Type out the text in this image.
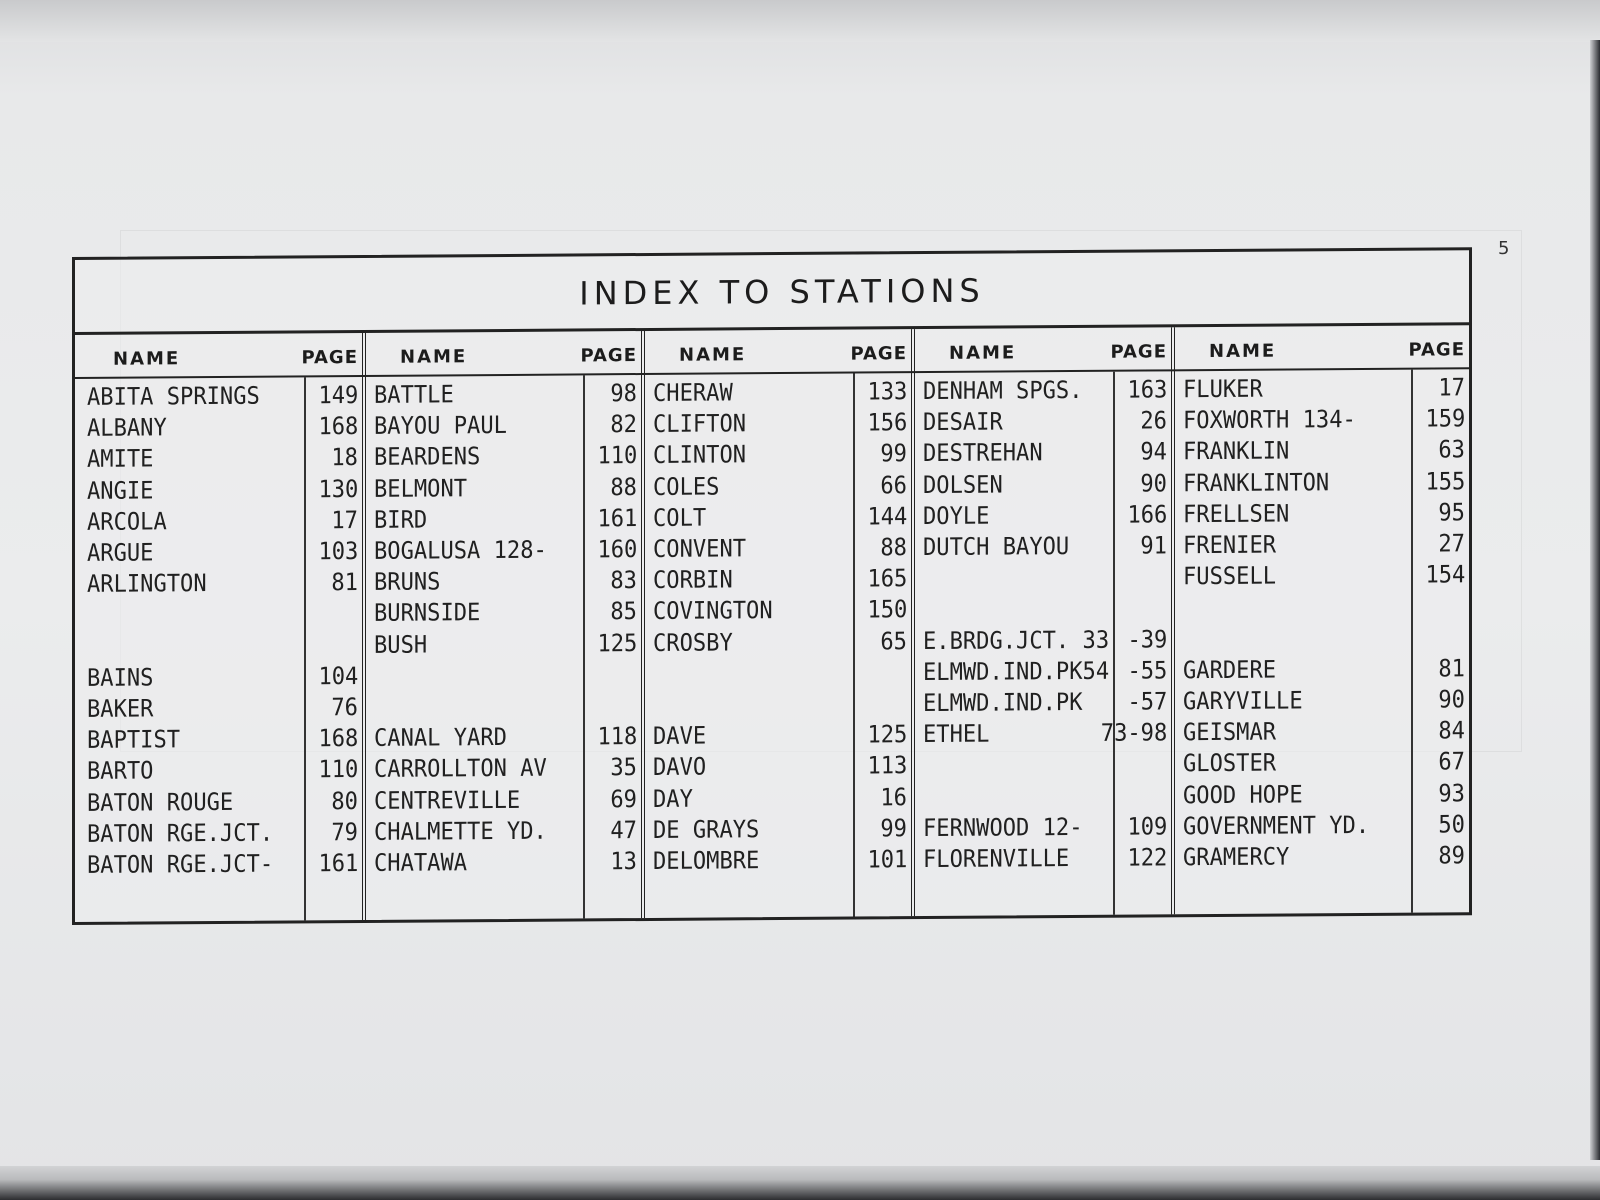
5
INDEX TO STATIONS
NAME	PAGE
ABITA SPRINGS 149
ALBANY	168
AMITE	18
ANGIE	130
ARCOLA	17
ARGUE	103
ARLINGTON	81
BAINS	104
BAKER	76
BAPTIST	168
BARTO	110
BATON ROUGE	80
BATON RGE.JCT. 79
BATON RGE.JCT- 161
NAME	PAGE
BATTLE	98
BAYOU PAUL	82
BEARDENS	110
BELMONT	88
BIRD	161
BOGALUSA 128- 160
BRUNS	83
BURNSIDE	85
BUSH	125
CANAL YARD	118
CARROLLTON AV	35
CENTREVILLE	69
CHALMETTE YD.	47
CHATAWA	13
NAME	PAGE
CHERAW	133
CLIFTON	156
CLINTON	99
COLES	66
COLT	144
CONVENT	88
CORBIN	165
COVINGTON	150
CROSBY	65
DAVE	125
DAVO	113
DAY	16
DE GRAYS	99
DELOMBRE	101
NAME	PAGE
DENHAM SPGS. 163
DESAIR	26
DESTREHAN	94
DOLSEN	90
DOYLE	166
DUTCH BAYOU	91
E.BRDG.JCT. 33 -39
ELMWD.IND.PK54 -55
ELMWD.IND.PK -57
ETHEL	73-98
FERNWOOD 12- 109
FLORENVILLE 122
NAME	PAGE
FLUKER	17
FOXWORTH 134-	159
FRANKLIN	63
FRANKLINTON	155
FRELLSEN	95
FRENIER	27
FUSSELL	154
GARDERE	81
GARYVILLE	90
GEISMAR	84
GLOSTER	67
GOOD HOPE	93
GOVERNMENT YD.	50
GRAMERCY	89
